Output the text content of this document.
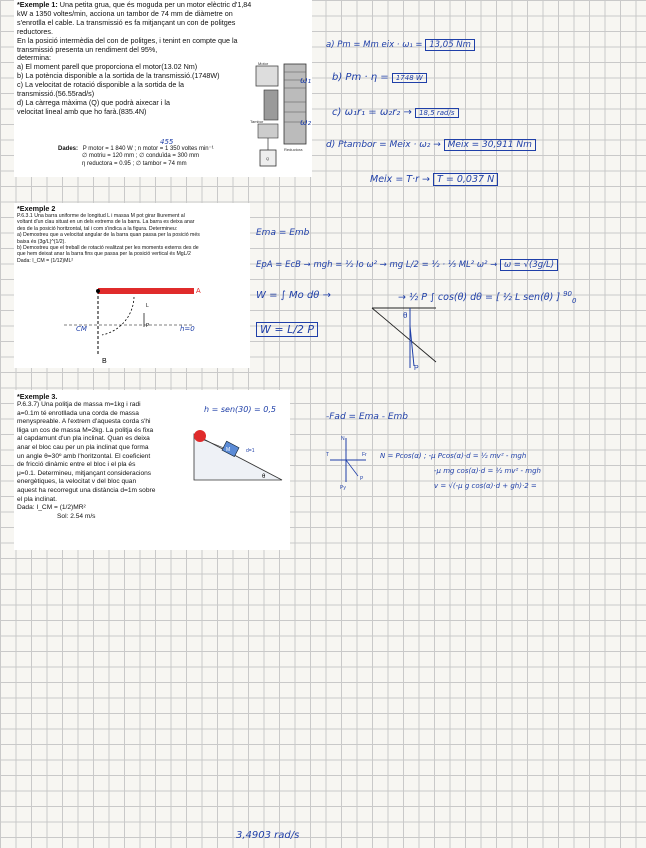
*Exemple 1: Una petita grua, que és moguda per un motor elèctric d'1,84
kW a 1350 voltes/min, acciona un tambor de 74 mm de diàmetre on
s'enrotlla el cable. La transmissió es fa mitjançant un con de politges
reductores.
En la posició intermèdia del con de politges, i tenint en compte que la
transmissió presenta un rendiment del 95%,
determina:
a) El moment parell que proporciona el motor(13.02 Nm)
b) La potència disponible a la sortida de la transmissió.(1748W)
c) La velocitat de rotació disponible a la sortida de la
transmissió.(56.55rad/s)
d) La càrrega màxima (Q) que podrà aixecar i la
velocitat lineal amb que ho farà.(835.4N)
Motor
Tambor
Reductora
Q
Dades: P motor = 1 840 W ; n motor = 1 350 voltes min⁻¹
∅ motriu = 120 mm ; ∅ conduïda = 300 mm
η reductora = 0.95 ; ∅ tambor = 74 mm
455
a) Pm = Mm eix · ω₁ = 13,05 Nm
b) Pm · η = 1748 W
ω₁
ω₂
c) ω₁r₁ = ω₂r₂ → 18,5 rad/s
d) Ptambor = Meix · ω₂ → Meix = 30,911 Nm
Meix = T·r → T = 0,037 N
*Exemple 2
P.6.3.1 Una barra uniforme de longitud L i massa M pot girar lliurement al
voltant d'un clau situat en un dels extrems de la barra. La barra es deixa anar
des de la posició horitzontal, tal i com s'indica a la figura. Determineu:
a) Demostreu que a velocitat angular de la barra quan passa per la posició més
baixa és (3g/L)^(1/2).
b) Demostreu que el treball de rotació realitzat per les moments externs des de
que hem deixat anar la barra fins que passa per la posició vertical és MgL/2
Dada: I_CM = (1/12)ML²
A
B
L
P
CM	h=0
Ema = Emb
EpA = EcB → mgh = ½ Io ω² → mg L/2 = ½ · ⅓ ML² ω² → ω = √(3g/L)
W = ∫ Mo dθ →	→ ½ P ∫ cos(θ) dθ = [ ½ L sen(θ) ] $^{90}_0$
W = L/2 P
θ
P
*Exemple 3.
P.6.3.7) Una politja de massa m=1kg i radi
a=0.1m té enrotllada una corda de massa
menyspreable. A l'extrem d'aquesta corda s'hi
lliga un cos de massa M=2kg. La politja és fixa
al capdamunt d'un pla inclinat. Quan es deixa
anar el bloc cau per un pla inclinat que forma
un angle θ=30º amb l'horitzontal. El coeficient
de fricció dinàmic entre el bloc i el pla és
μ=0.1. Determineu, mitjançant consideracions
energètiques, la velocitat v del bloc quan
aquest ha recorregut una distància d=1m sobre
el pla inclinat.
Dada: I_CM = (1/2)MR²
Sol: 2.54 m/s
M	d=1
θ
h = sen(30) = 0,5
-Fad = Ema - Emb
N
T	Fr
P
Py
N = Pcos(α) ; -μ Pcos(α)·d = ½ mv² - mgh
-μ mg cos(α)·d = ½ mv² - mgh
v = √(-μ g cos(α)·d + gh)·2 =
3,4903 rad/s
